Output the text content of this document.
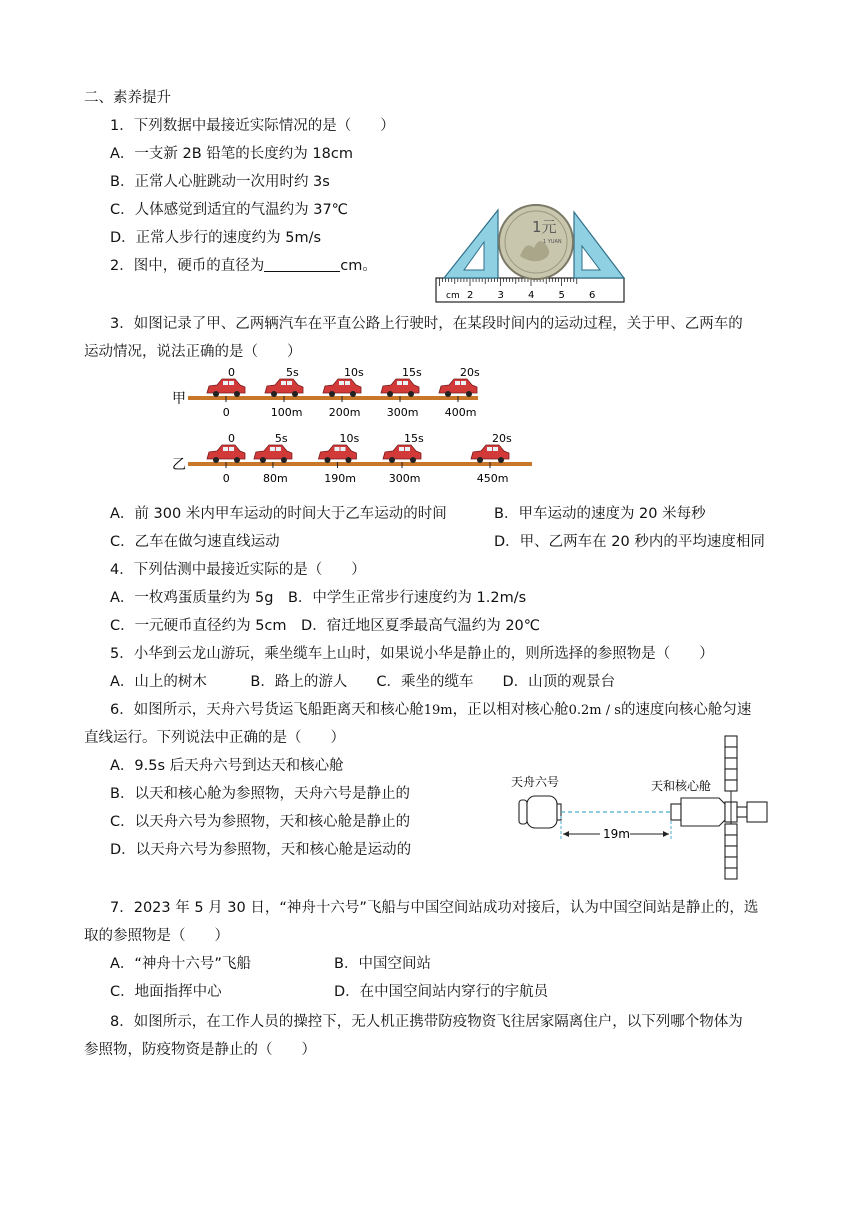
二、素养提升
1．下列数据中最接近实际情况的是（　　）
A．一支新 2B 铅笔的长度约为 18cm
B．正常人心脏跳动一次用时约 3s
C．人体感觉到适宜的气温约为 37℃
D．正常人步行的速度约为 5m/s
2．图中，硬币的直径为	cm。
cm 2 3 4 5 6
1元
1 YUAN
3．如图记录了甲、乙两辆汽车在平直公路上行驶时，在某段时间内的运动过程，关于甲、乙两车的
运动情况，说法正确的是（　　）
甲
乙
0
0
5s
100m
10s
200m
15s
300m
20s
400m
0
0
5s
80m
10s
190m
15s
300m
20s
450m
A．前 300 米内甲车运动的时间大于乙车运动的时间	B．甲车运动的速度为 20 米每秒
C．乙车在做匀速直线运动	D．甲、乙两车在 20 秒内的平均速度相同
4．下列估测中最接近实际的是（　　）
A．一枚鸡蛋质量约为 5g　B．中学生正常步行速度约为 1.2m/s
C．一元硬币直径约为 5cm　D．宿迁地区夏季最高气温约为 20℃
5．小华到云龙山游玩，乘坐缆车上山时，如果说小华是静止的，则所选择的参照物是（　　）
A．山上的树木　　　B．路上的游人　　C．乘坐的缆车　　D．山顶的观景台
6．如图所示，天舟六号货运飞船距离天和核心舱19m，正以相对核心舱0.2m / s的速度向核心舱匀速
直线运行。下列说法中正确的是（　　）
A．9.5s 后天舟六号到达天和核心舱
B．以天和核心舱为参照物，天舟六号是静止的
C．以天舟六号为参照物，天和核心舱是静止的
D．以天舟六号为参照物，天和核心舱是运动的
天舟六号	天和核心舱
19m
7．2023 年 5 月 30 日，“神舟十六号”飞船与中国空间站成功对接后，认为中国空间站是静止的，选
取的参照物是（　　）
A．“神舟十六号”飞船	B．中国空间站
C．地面指挥中心	D．在中国空间站内穿行的宇航员
8．如图所示，在工作人员的操控下，无人机正携带防疫物资飞往居家隔离住户，以下列哪个物体为
参照物，防疫物资是静止的（　　）
